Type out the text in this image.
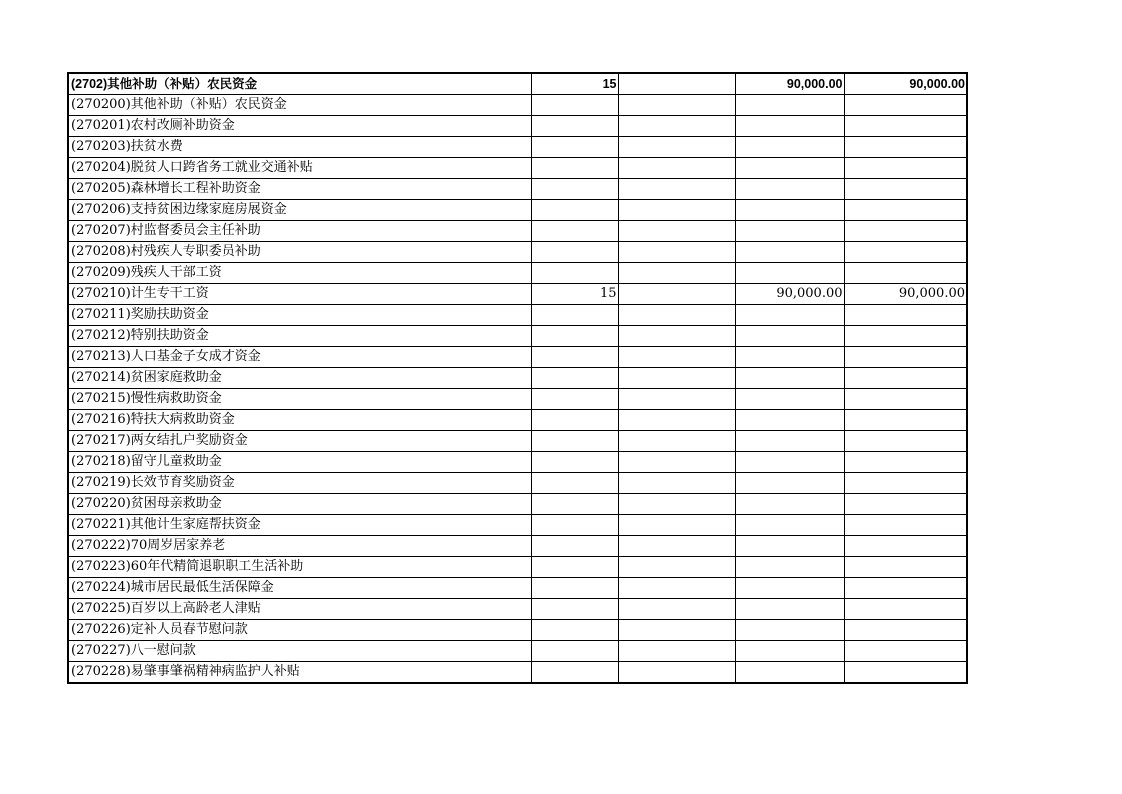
(2702)其他补助（补贴）农民资金	15		90,000.00	90,000.00
(270200)其他补助（补贴）农民资金				
(270201)农村改厕补助资金				
(270203)扶贫水费				
(270204)脱贫人口跨省务工就业交通补贴				
(270205)森林增长工程补助资金				
(270206)支持贫困边缘家庭房展资金				
(270207)村监督委员会主任补助				
(270208)村残疾人专职委员补助				
(270209)残疾人干部工资				
(270210)计生专干工资	15		90,000.00	90,000.00
(270211)奖励扶助资金				
(270212)特别扶助资金				
(270213)人口基金子女成才资金				
(270214)贫困家庭救助金				
(270215)慢性病救助资金				
(270216)特扶大病救助资金				
(270217)两女结扎户奖励资金				
(270218)留守儿童救助金				
(270219)长效节育奖励资金				
(270220)贫困母亲救助金				
(270221)其他计生家庭帮扶资金				
(270222)70周岁居家养老				
(270223)60年代精简退职职工生活补助				
(270224)城市居民最低生活保障金				
(270225)百岁以上高龄老人津贴				
(270226)定补人员春节慰问款				
(270227)八一慰问款				
(270228)易肇事肇祸精神病监护人补贴				
